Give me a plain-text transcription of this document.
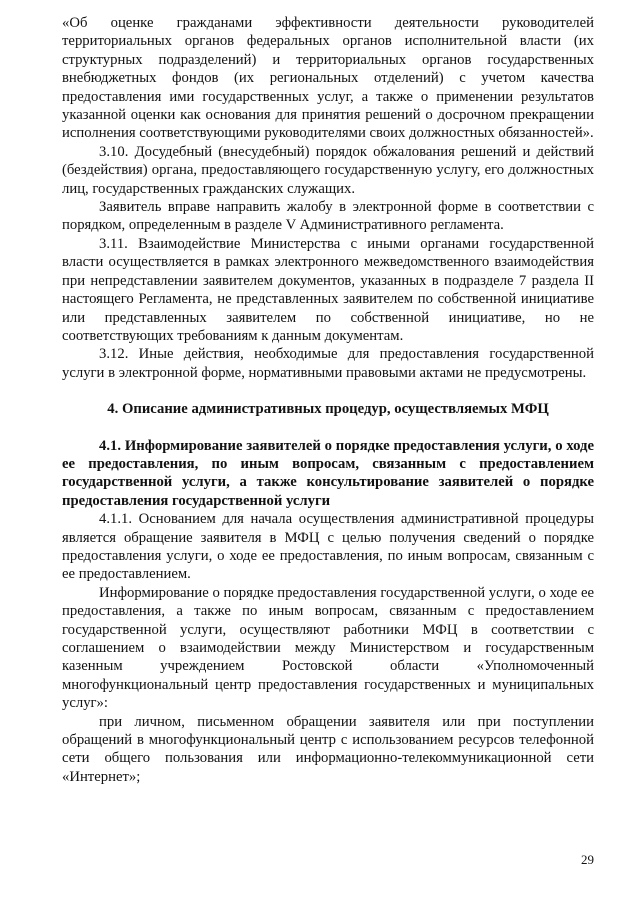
«Об оценке гражданами эффективности деятельности руководителей территориальных органов федеральных органов исполнительной власти (их структурных подразделений) и территориальных органов государственных внебюджетных фондов (их региональных отделений) с учетом качества предоставления ими государственных услуг, а также о применении результатов указанной оценки как основания для принятия решений о досрочном прекращении исполнения соответствующими руководителями своих должностных обязанностей».

3.10. Досудебный (внесудебный) порядок обжалования решений и действий (бездействия) органа, предоставляющего государственную услугу, его должностных лиц, государственных гражданских служащих.

Заявитель вправе направить жалобу в электронной форме в соответствии с порядком, определенным в разделе V Административного регламента.

3.11. Взаимодействие Министерства с иными органами государственной власти осуществляется в рамках электронного межведомственного взаимодействия при непредставлении заявителем документов, указанных в подразделе 7 раздела II настоящего Регламента, не представленных заявителем по собственной инициативе или представленных заявителем по собственной инициативе, но не соответствующих требованиям к данным документам.

3.12. Иные действия, необходимые для предоставления государственной услуги в электронной форме, нормативными правовыми актами не предусмотрены.

4. Описание административных процедур, осуществляемых МФЦ

4.1. Информирование заявителей о порядке предоставления услуги, о ходе ее предоставления, по иным вопросам, связанным с предоставлением государственной услуги, а также консультирование заявителей о порядке предоставления государственной услуги

4.1.1. Основанием для начала осуществления административной процедуры является обращение заявителя в МФЦ с целью получения сведений о порядке предоставления услуги, о ходе ее предоставления, по иным вопросам, связанным с ее предоставлением.

Информирование о порядке предоставления государственной услуги, о ходе ее предоставления, а также по иным вопросам, связанным с предоставлением государственной услуги, осуществляют работники МФЦ в соответствии с соглашением о взаимодействии между Министерством и государственным казенным учреждением Ростовской области «Уполномоченный многофункциональный центр предоставления государственных и муниципальных услуг»:

при личном, письменном обращении заявителя или при поступлении обращений в многофункциональный центр с использованием ресурсов телефонной сети общего пользования или информационно-телекоммуникационной сети «Интернет»;

29
